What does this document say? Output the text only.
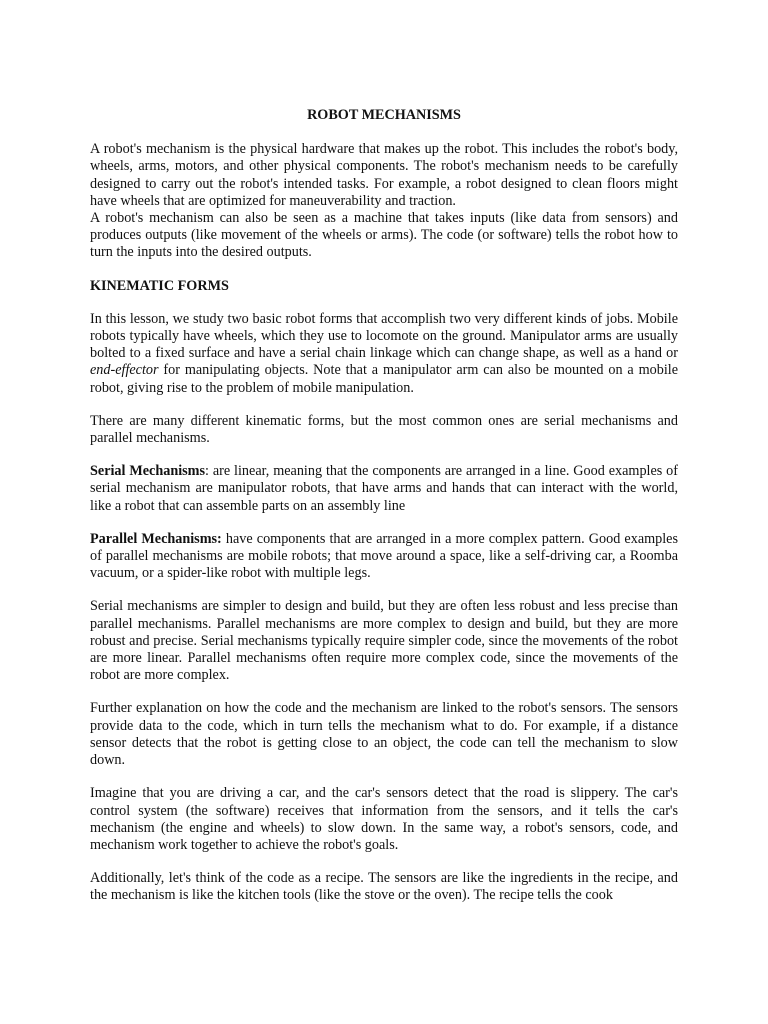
ROBOT MECHANISMS

A robot's mechanism is the physical hardware that makes up the robot. This includes the robot's body, wheels, arms, motors, and other physical components. The robot's mechanism needs to be carefully designed to carry out the robot's intended tasks. For example, a robot designed to clean floors might have wheels that are optimized for maneuverability and traction.

A robot's mechanism can also be seen as a machine that takes inputs (like data from sensors) and produces outputs (like movement of the wheels or arms). The code (or software) tells the robot how to turn the inputs into the desired outputs.

KINEMATIC FORMS

In this lesson, we study two basic robot forms that accomplish two very different kinds of jobs. Mobile robots typically have wheels, which they use to locomote on the ground. Manipulator arms are usually bolted to a fixed surface and have a serial chain linkage which can change shape, as well as a hand or end-effector for manipulating objects. Note that a manipulator arm can also be mounted on a mobile robot, giving rise to the problem of mobile manipulation.

There are many different kinematic forms, but the most common ones are serial mechanisms and parallel mechanisms.

Serial Mechanisms: are linear, meaning that the components are arranged in a line. Good examples of serial mechanism are manipulator robots, that have arms and hands that can interact with the world, like a robot that can assemble parts on an assembly line

Parallel Mechanisms: have components that are arranged in a more complex pattern. Good examples of parallel mechanisms are mobile robots; that move around a space, like a self-driving car, a Roomba vacuum, or a spider-like robot with multiple legs.

Serial mechanisms are simpler to design and build, but they are often less robust and less precise than parallel mechanisms. Parallel mechanisms are more complex to design and build, but they are more robust and precise. Serial mechanisms typically require simpler code, since the movements of the robot are more linear. Parallel mechanisms often require more complex code, since the movements of the robot are more complex.

Further explanation on how the code and the mechanism are linked to the robot's sensors. The sensors provide data to the code, which in turn tells the mechanism what to do. For example, if a distance sensor detects that the robot is getting close to an object, the code can tell the mechanism to slow down.

Imagine that you are driving a car, and the car's sensors detect that the road is slippery. The car's control system (the software) receives that information from the sensors, and it tells the car's mechanism (the engine and wheels) to slow down. In the same way, a robot's sensors, code, and mechanism work together to achieve the robot's goals.

Additionally, let's think of the code as a recipe. The sensors are like the ingredients in the recipe, and the mechanism is like the kitchen tools (like the stove or the oven). The recipe tells the cook
